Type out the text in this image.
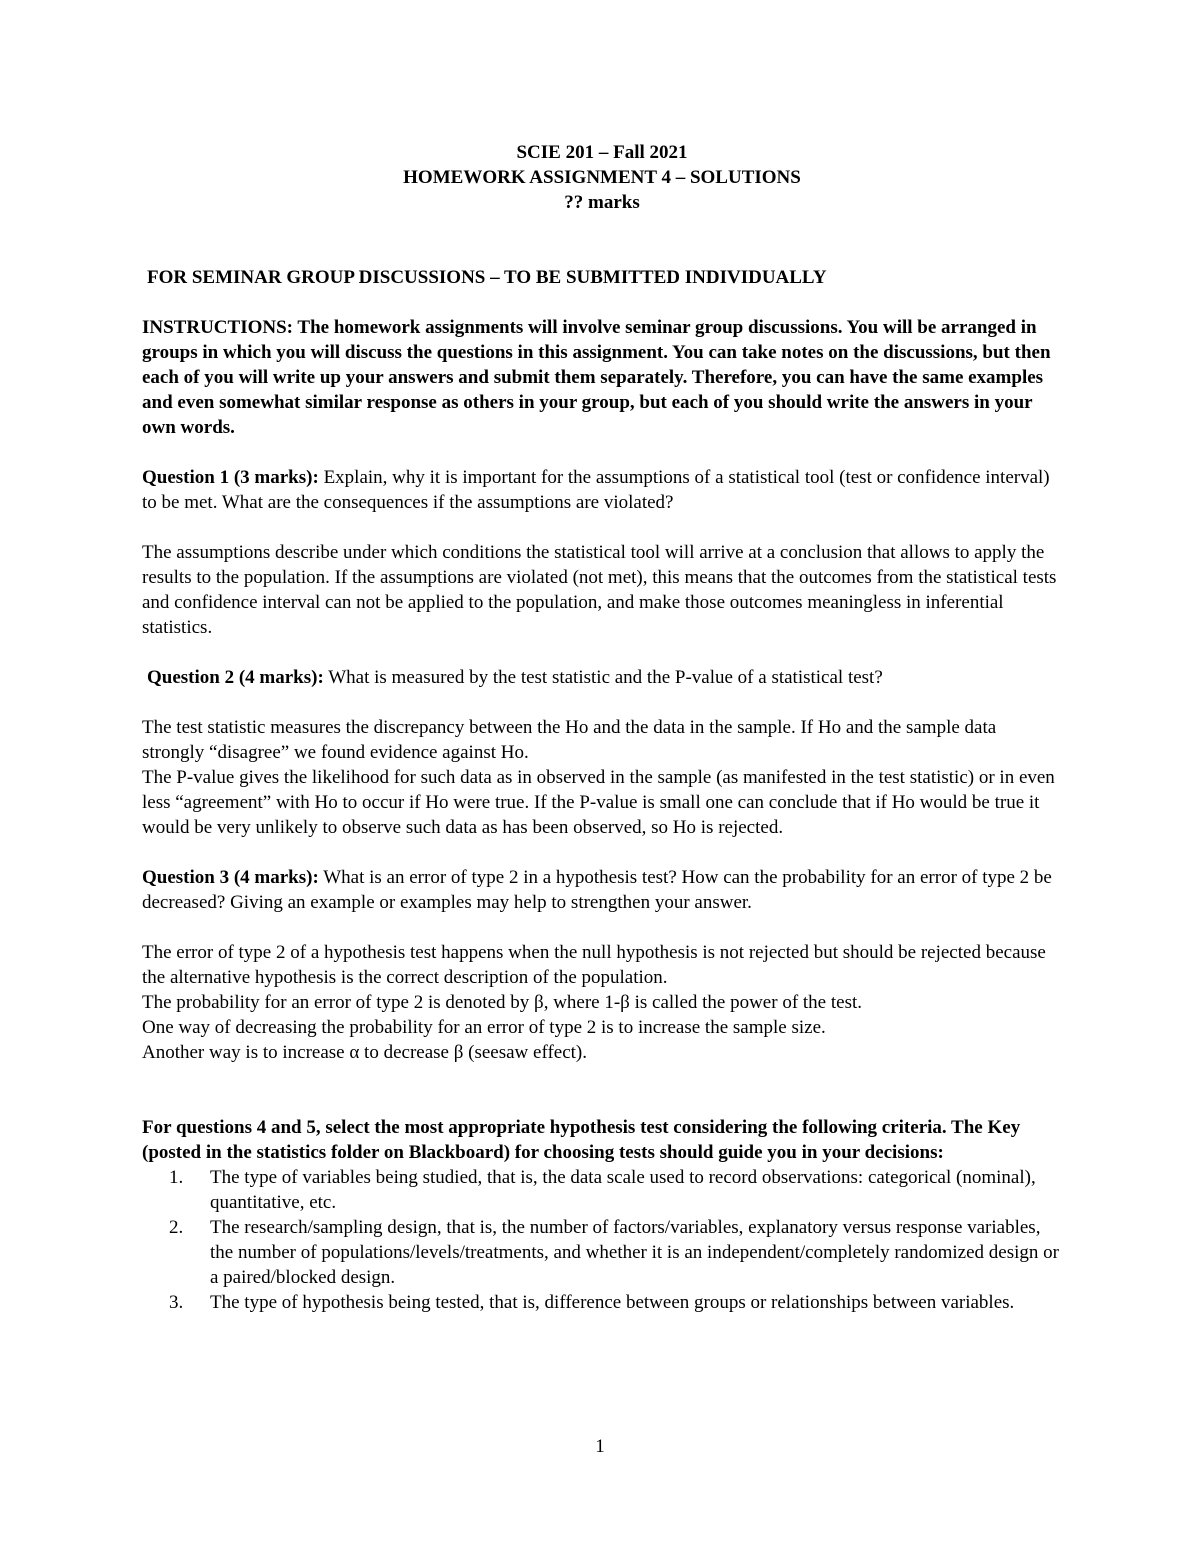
SCIE 201 – Fall 2021
HOMEWORK ASSIGNMENT 4 – SOLUTIONS
?? marks

FOR SEMINAR GROUP DISCUSSIONS – TO BE SUBMITTED INDIVIDUALLY

INSTRUCTIONS: The homework assignments will involve seminar group discussions. You will be arranged in groups in which you will discuss the questions in this assignment. You can take notes on the discussions, but then each of you will write up your answers and submit them separately. Therefore, you can have the same examples and even somewhat similar response as others in your group, but each of you should write the answers in your own words.

Question 1 (3 marks): Explain, why it is important for the assumptions of a statistical tool (test or confidence interval) to be met. What are the consequences if the assumptions are violated?

The assumptions describe under which conditions the statistical tool will arrive at a conclusion that allows to apply the results to the population. If the assumptions are violated (not met), this means that the outcomes from the statistical tests and confidence interval can not be applied to the population, and make those outcomes meaningless in inferential statistics.

Question 2 (4 marks): What is measured by the test statistic and the P-value of a statistical test?

The test statistic measures the discrepancy between the Ho and the data in the sample. If Ho and the sample data strongly “disagree” we found evidence against Ho.

The P-value gives the likelihood for such data as in observed in the sample (as manifested in the test statistic) or in even less “agreement” with Ho to occur if Ho were true. If the P-value is small one can conclude that if Ho would be true it would be very unlikely to observe such data as has been observed, so Ho is rejected.

Question 3 (4 marks): What is an error of type 2 in a hypothesis test? How can the probability for an error of type 2 be decreased? Giving an example or examples may help to strengthen your answer.

The error of type 2 of a hypothesis test happens when the null hypothesis is not rejected but should be rejected because the alternative hypothesis is the correct description of the population.

The probability for an error of type 2 is denoted by β, where 1-β is called the power of the test.

One way of decreasing the probability for an error of type 2 is to increase the sample size.

Another way is to increase α to decrease β (seesaw effect).

For questions 4 and 5, select the most appropriate hypothesis test considering the following criteria. The Key (posted in the statistics folder on Blackboard) for choosing tests should guide you in your decisions:

1. The type of variables being studied, that is, the data scale used to record observations: categorical (nominal), quantitative, etc.
2. The research/sampling design, that is, the number of factors/variables, explanatory versus response variables, the number of populations/levels/treatments, and whether it is an independent/completely randomized design or a paired/blocked design.
3. The type of hypothesis being tested, that is, difference between groups or relationships between variables.
1
